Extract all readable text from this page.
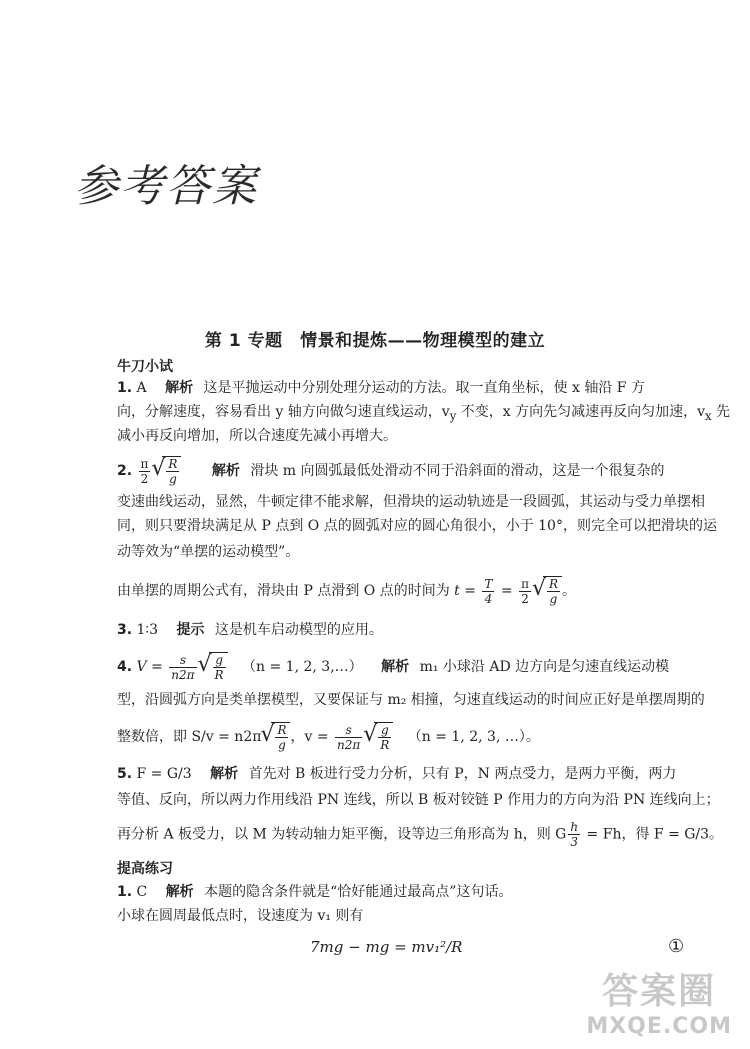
参考答案
第 1 专题　情景和提炼——物理模型的建立
牛刀小试
1. A 解析 这是平抛运动中分别处理分运动的方法。取一直角坐标，使 x 轴沿 F 方
向，分解速度，容易看出 y 轴方向做匀速直线运动，$v_y$ 不变，x 方向先匀减速再反向匀加速，$v_x$ 先
减小再反向增加，所以合速度先减小再增大。
2. $\frac{\pi}{2}$ √ $\frac{R}{g}$ 解析 滑块 m 向圆弧最低处滑动不同于沿斜面的滑动，这是一个很复杂的
变速曲线运动，显然，牛顿定律不能求解，但滑块的运动轨迹是一段圆弧，其运动与受力单摆相
同，则只要滑块满足从 P 点到 O 点的圆弧对应的圆心角很小，小于 10°，则完全可以把滑块的运
动等效为“单摆的运动模型”。
由单摆的周期公式有，滑块由 P 点滑到 O 点的时间为 $t = \frac{T}{4} = \frac{\pi}{2}$ √ $\frac{R}{g}$ 。
3. 1∶3 提示 这是机车启动模型的应用。
4. $V = \frac{s}{n2\pi}$ √ $\frac{g}{R} (n = 1$, 2, 3,…） 解析 m₁ 小球沿 AD 边方向是匀速直线运动模
型，沿圆弧方向是类单摆模型，又要保证与 m₂ 相撞，匀速直线运动的时间应正好是单摆周期的
整数倍，即 S/v = n2π √ $\frac{R}{g}$ ，$v = \frac{s}{n2\pi}$ √ $\frac{g}{R} (n = 1$, 2, 3, …）。
5. F = G/3 解析 首先对 B 板进行受力分析，只有 P，N 两点受力，是两力平衡，两力
等值、反向，所以两力作用线沿 PN 连线，所以 B 板对铰链 P 作用力的方向为沿 PN 连线向上；
再分析 A 板受力，以 M 为转动轴力矩平衡，设等边三角形高为 h，则 G $\frac{h}{3} = Fh$，得 F = G/3。
提高练习
1. C 解析 本题的隐含条件就是“恰好能通过最高点”这句话。
小球在圆周最低点时，设速度为 v₁ 则有
7mg − mg = mv₁²/R	①
答案圈
MXQE.COM
